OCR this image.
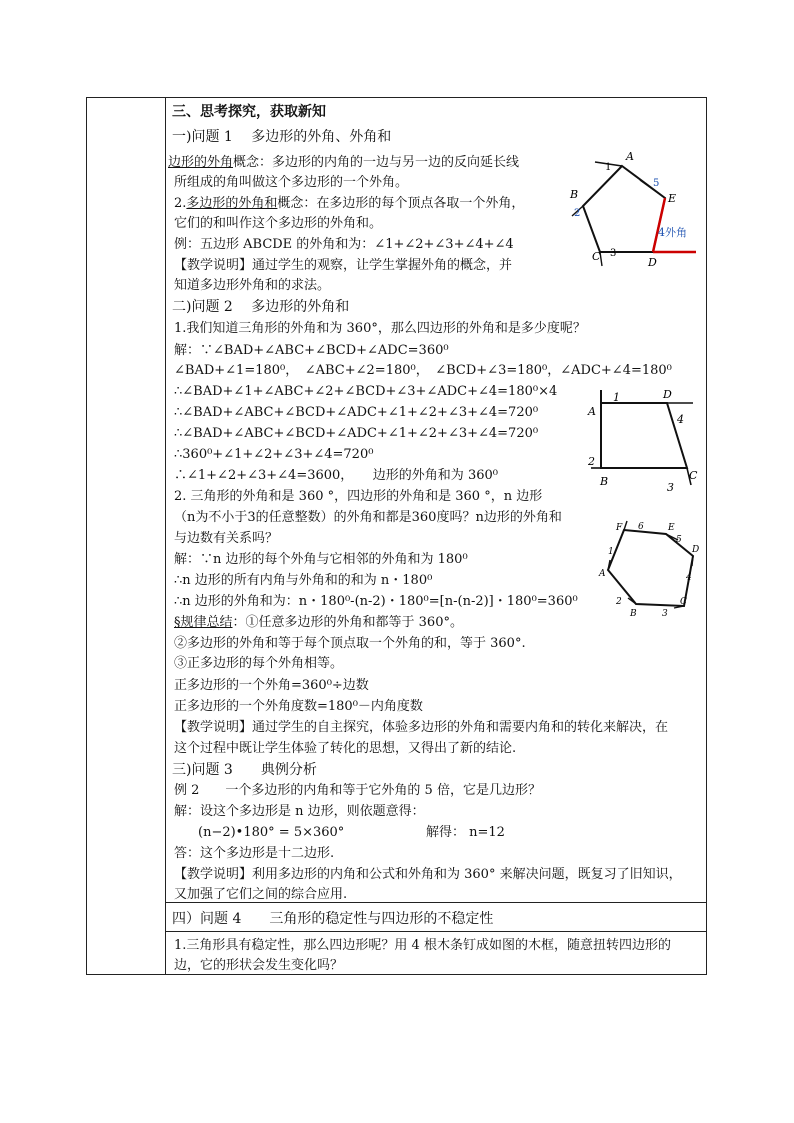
三、思考探究，获取新知
一)问题 1　 多边形的外角、外角和
边形的外角概念：多边形的内角的一边与另一边的反向延长线
所组成的角叫做这个多边形的一个外角。
2.多边形的外角和概念：在多边形的每个顶点各取一个外角，
它们的和叫作这个多边形的外角和。
例：五边形 ABCDE 的外角和为：∠1+∠2+∠3+∠4+∠4
【教学说明】通过学生的观察，让学生掌握外角的概念，并
知道多边形外角和的求法。
A
B
C	D
E
1
2
3
5
4外角
二)问题 2　 多边形的外角和
1.我们知道三角形的外角和为 360°，那么四边形的外角和是多少度呢？
解：∵∠BAD+∠ABC+∠BCD+∠ADC=360⁰
∠BAD+∠1=180⁰，　∠ABC+∠2=180⁰，　∠BCD+∠3=180⁰，∠ADC+∠4=180⁰
∴∠BAD+∠1+∠ABC+∠2+∠BCD+∠3+∠ADC+∠4=180⁰×4
∴∠BAD+∠ABC+∠BCD+∠ADC+∠1+∠2+∠3+∠4=720⁰
∴∠BAD+∠ABC+∠BCD+∠ADC+∠1+∠2+∠3+∠4=720⁰
∴360⁰+∠1+∠2+∠3+∠4=720⁰
∴∠1+∠2+∠3+∠4=3600，　　边形的外角和为 360⁰
2. 三角形的外角和是 360 °，四边形的外角和是 360 °，n 边形
（n为不小于3的任意整数）的外角和都是360度吗？n边形的外角和
与边数有关系吗？
解：∵n 边形的每个外角与它相邻的外角和为 180⁰
∴n 边形的所有内角与外角和的和为 n・180⁰
∴n 边形的外角和为：n・180⁰-(n-2)・180⁰=[n-(n-2)]・180⁰=360⁰
§规律总结：①任意多边形的外角和都等于 360°。
②多边形的外角和等于每个顶点取一个外角的和，等于 360°.
③正多边形的每个外角相等。
正多边形的一个外角=360⁰÷边数
正多边形的一个外角度数=180⁰－内角度数
【教学说明】通过学生的自主探究，体验多边形的外角和需要内角和的转化来解决，在
这个过程中既让学生体验了转化的思想，又得出了新的结论.
A
B	C
D
1
2
3
4
A
B
C
D
E
F
1
2
3
4
5
6
三)问题 3　　典例分析
例 2　　一个多边形的内角和等于它外角的 5 倍，它是几边形？
解：设这个多边形是 n 边形，则依题意得：
(n−2)•180° = 5×360°	解得： n=12
答：这个多边形是十二边形.
【教学说明】利用多边形的内角和公式和外角和为 360° 来解决问题，既复习了旧知识，
又加强了它们之间的综合应用.
四）问题 4　　三角形的稳定性与四边形的不稳定性
1.三角形具有稳定性，那么四边形呢？用 4 根木条钉成如图的木框，随意扭转四边形的
边，它的形状会发生变化吗？
